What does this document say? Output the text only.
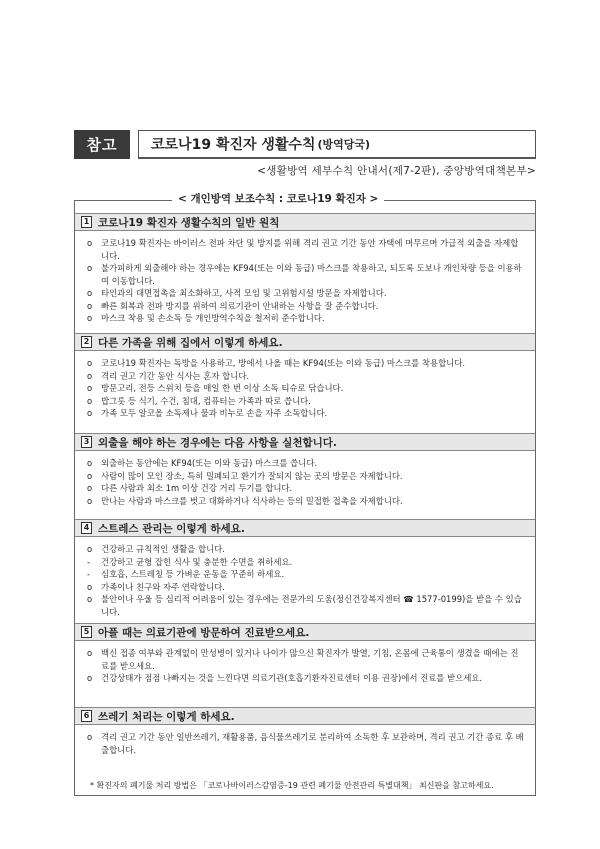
참고	코로나19 확진자 생활수칙 (방역당국)
<생활방역 세부수칙 안내서(제7-2판), 중앙방역대책본부>
1 코로나19 확진자 생활수칙의 일반 원칙
o	코로나19 확진자는 바이러스 전파 차단 및 방지를 위해 격리 권고 기간 동안 자택에 머무르며 가급적 외출을 자제합니다.
o	불가피하게 외출해야 하는 경우에는 KF94(또는 이와 동급) 마스크를 착용하고, 되도록 도보나 개인차량 등을 이용하여 이동합니다.
o	타인과의 대면접촉을 최소화하고, 사적 모임 및 고위험시설 방문을 자제합니다.
o	빠른 회복과 전파 방지를 위하여 의료기관이 안내하는 사항을 잘 준수합니다.
o	마스크 착용 및 손소독 등 개인방역수칙을 철저히 준수합니다.
2 다른 가족을 위해 집에서 이렇게 하세요.
o	코로나19 확진자는 독방을 사용하고, 방에서 나올 때는 KF94(또는 이와 동급) 마스크를 착용합니다.
o	격리 권고 기간 동안 식사는 혼자 합니다.
o	방문고리, 전등 스위치 등을 매일 한 번 이상 소독 티슈로 닦습니다.
o	밥그릇 등 식기, 수건, 침대, 컴퓨터는 가족과 따로 씁니다.
o	가족 모두 알코올 소독제나 물과 비누로 손을 자주 소독합니다.
3 외출을 해야 하는 경우에는 다음 사항을 실천합니다.
o	외출하는 동안에는 KF94(또는 이와 동급) 마스크를 씁니다.
o	사람이 많이 모인 장소, 특히 밀폐되고 환기가 잘되지 않는 곳의 방문은 자제합니다.
o	다른 사람과 최소 1m 이상 건강 거리 두기를 합니다.
o	만나는 사람과 마스크를 벗고 대화하거나 식사하는 등의 밀접한 접촉을 자제합니다.
4 스트레스 관리는 이렇게 하세요.
o	건강하고 규칙적인 생활을 합니다.
-	건강하고 균형 잡힌 식사 및 충분한 수면을 취하세요.
-	심호흡, 스트레칭 등 가벼운 운동을 꾸준히 하세요.
o	가족이나 친구와 자주 연락합니다.
o	불안이나 우울 등 심리적 어려움이 있는 경우에는 전문가의 도움(정신건강복지센터 ☎ 1577-0199)을 받을 수 있습니다.
5 아플 때는 의료기관에 방문하여 진료받으세요.
o	백신 접종 여부와 관계없이 만성병이 있거나 나이가 많으신 확진자가 발열, 기침, 온몸에 근육통이 생겼을 때에는 진료를 받으세요.
o	건강상태가 점점 나빠지는 것을 느낀다면 의료기관(호흡기환자진료센터 이용 권장)에서 진료를 받으세요.
6 쓰레기 처리는 이렇게 하세요.
o	격리 권고 기간 동안 일반쓰레기, 재활용품, 음식물쓰레기로 분리하여 소독한 후 보관하며, 격리 권고 기간 종료 후 배출합니다.
< 개인방역 보조수칙 : 코로나19 확진자 >
* 확진자의 폐기물 처리 방법은 「코로나바이러스감염증-19 관련 폐기물 안전관리 특별대책」 최신판을 참고하세요.
